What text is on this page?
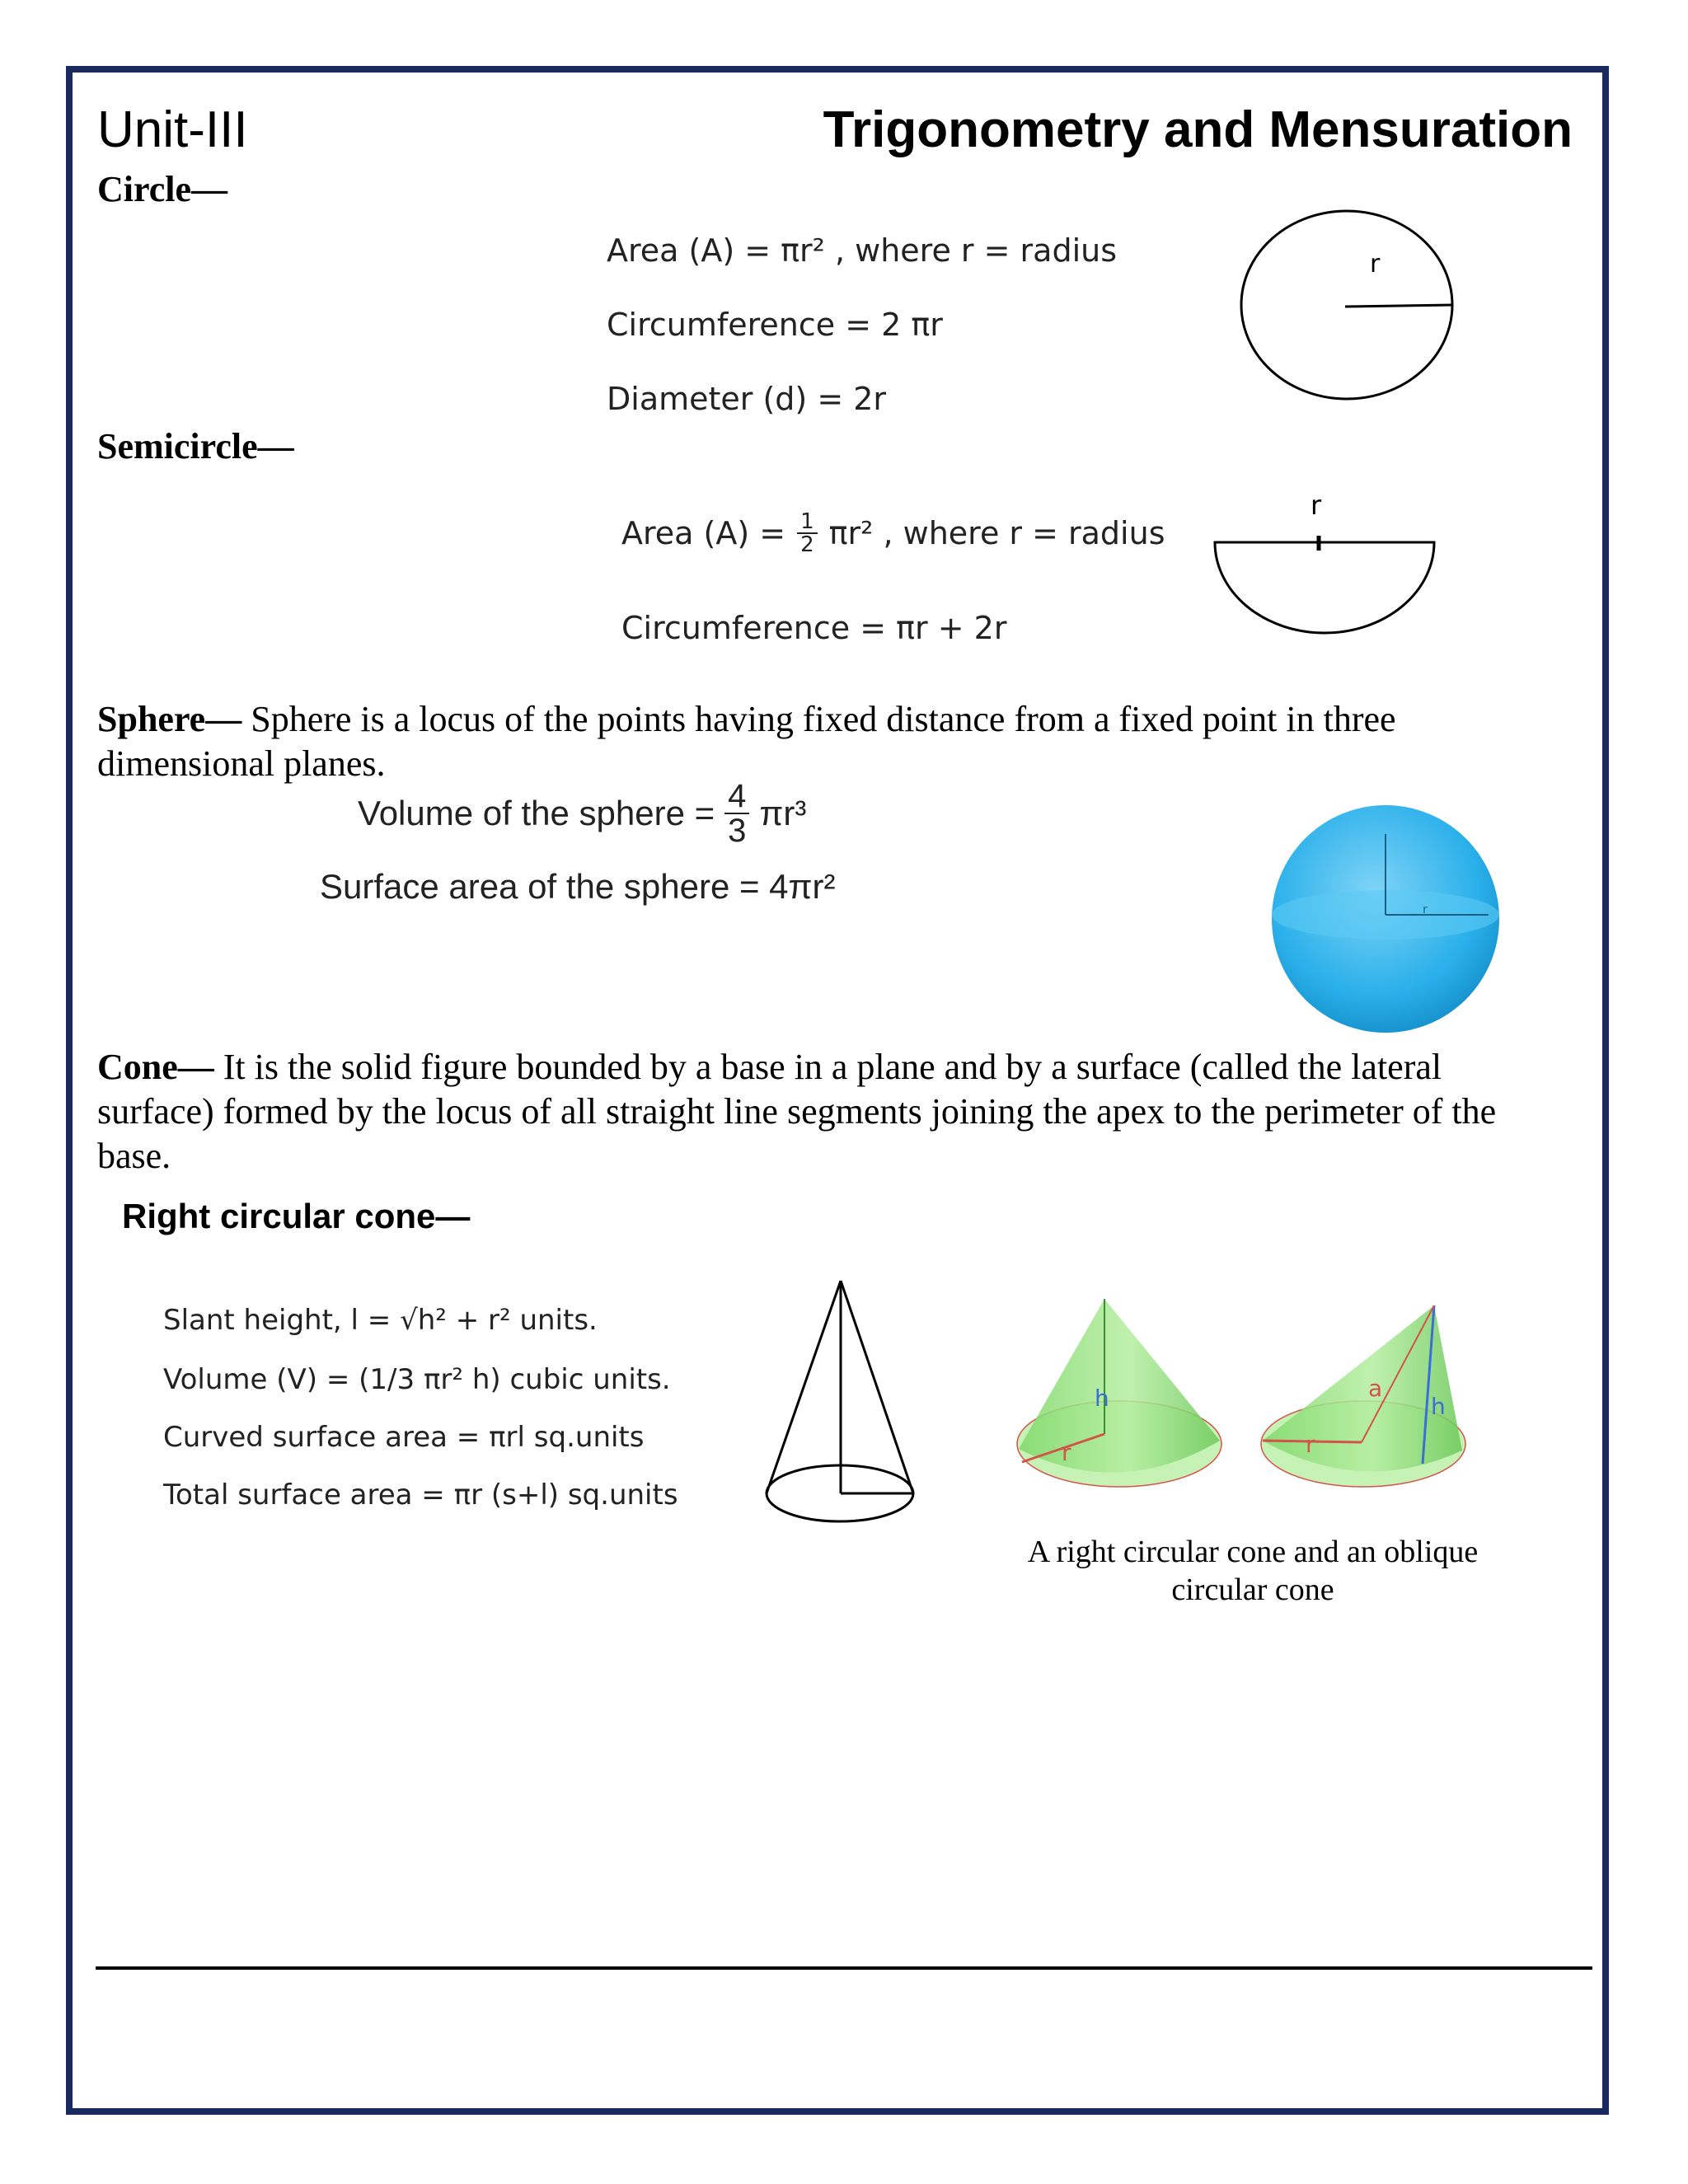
Unit-III	Trigonometry and Mensuration
Circle—
Area (A) = πr² , where r = radius
Circumference = 2 πr
Diameter (d) = 2r
r
Semicircle—
Area $(A) = \frac{1}{2} \pi r^2$ , where r = radius
Circumference = πr + 2r
r
Sphere— Sphere is a locus of the points having fixed distance from a fixed point in three
dimensional planes.
Volume of the sphere = $\frac{4}{3} \pi r^3$
Surface area of the sphere = 4πr²
r
Cone— It is the solid figure bounded by a base in a plane and by a surface (called the lateral
surface) formed by the locus of all straight line segments joining the apex to the perimeter of the
base.
Right circular cone—
Slant height, l = √h² + r² units.
Volume (V) = (1/3 πr² h) cubic units.
Curved surface area = πrl sq.units
Total surface area = πr (s+l) sq.units
h
r
a
h
r
A right circular cone and an oblique
circular cone
